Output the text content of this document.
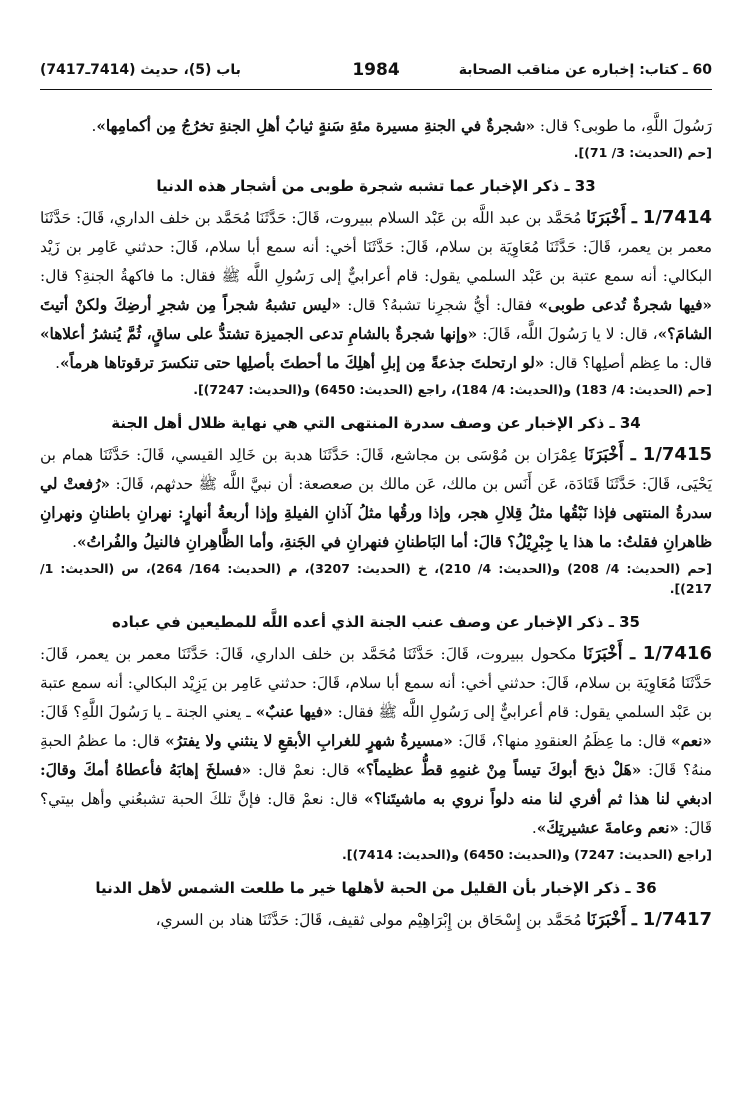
60 ـ كتاب: إخباره عن مناقب الصحابة
1984
باب (5)، حديث (7414ـ7417)

رَسُولَ اللَّهِ، ما طوبى؟ قال: «شجرةٌ في الجنةِ مسيرة مئةِ سَنةٍ ثيابُ أهلِ الجنةِ تخرُجُ مِن أكمامِها».

[حم (الحديث: 3/ 71)].
33 ـ ذكر الإخبار عما تشبه شجرة طوبى من أشجار هذه الدنيا

1/7414 ـ أَخْبَرَنَا مُحَمَّد بن عبد اللَّه بن عَبْد السلام ببيروت، قَالَ: حَدَّثَنَا مُحَمَّد بن خلف الداري، قَالَ: حَدَّثَنَا معمر بن يعمر، قَالَ: حَدَّثَنَا مُعَاوِيَة بن سلام، قَالَ: حَدَّثَنَا أخي: أنه سمع أبا سلام، قَالَ: حدثني عَامِر بن زَيْد البكالي: أنه سمع عتبة بن عَبْد السلمي يقول: قام أعرابيٌّ إلى رَسُولِ اللَّه ﷺ فقال: ما فاكهةُ الجنةِ؟ قال: «فيها شجرةٌ تُدعى طوبى» فقال: أيُّ شجرِنا تشبهُ؟ قال: «ليس تشبهُ شجراً مِن شجرِ أرضِكَ ولكنْ أتيتَ الشامَ؟»، قال: لا يا رَسُولَ اللَّه، قَالَ: «وإنها شجرةٌ بالشامِ تدعى الجميزة تشتدُّ على ساقٍ، ثُمَّ يُنشرُ أعلاها» قال: ما عِظم أصلِها؟ قال: «لو ارتحلتَ جذعةً مِن إبلِ أهلِكَ ما أحطتَ بأصلِها حتى تنكسرَ ترقوتاها هرماً».

[حم (الحديث: 4/ 183) و(الحديث: 4/ 184)، راجع (الحديث: 6450) و(الحديث: 7247)].
34 ـ ذكر الإخبار عن وصف سدرة المنتهى التي هي نهاية ظلال أهل الجنة

1/7415 ـ أَخْبَرَنَا عِمْرَان بن مُوْسَى بن مجاشع، قَالَ: حَدَّثَنَا هدبة بن خَالِد القيسي، قَالَ: حَدَّثَنَا همام بن يَحْيَى، قَالَ: حَدَّثَنَا قَتَادَة، عَن أَنَس بن مالك، عَن مالك بن صعصعة: أن نبيَّ اللَّه ﷺ حدثهم، قَالَ: «رُفعتْ لي سدرةُ المنتهى فإذا نَبْقُها مثلُ قِلالِ هجر، وإذا ورقُها مثلُ آذانِ الفيلةِ وإذا أربعةُ أنهارٍ: نهرانِ باطنانِ ونهرانِ ظاهرانِ فقلتُ: ما هذا يا جِبْرِيْلُ؟ قالَ: أما البَاطنانِ فنهرانِ في الجَنةِ، وأما الظَّاهِرانِ فالنيلُ والفُراتُ».

[حم (الحديث: 4/ 208) و(الحديث: 4/ 210)، خ (الحديث: 3207)، م (الحديث: 164/ 264)، س (الحديث: 1/ 217)].
35 ـ ذكر الإخبار عن وصف عنب الجنة الذي أعده اللَّه للمطيعين في عباده

1/7416 ـ أَخْبَرَنَا مكحول ببيروت، قَالَ: حَدَّثَنَا مُحَمَّد بن خلف الداري، قَالَ: حَدَّثَنَا معمر بن يعمر، قَالَ: حَدَّثَنَا مُعَاوِيَة بن سلام، قَالَ: حدثني أخي: أنه سمع أبا سلام، قَالَ: حدثني عَامِر بن يَزِيْد البكالي: أنه سمع عتبة بن عَبْد السلمي يقول: قام أعرابيٌّ إلى رَسُولِ اللَّه ﷺ فقال: «فيها عنبٌ» ـ يعني الجنة ـ يا رَسُولَ اللَّهِ؟ قَالَ: «نعم» قال: ما عِظَمُ العنقودِ منها؟، قَالَ: «مسيرةُ شهرٍ للغرابِ الأبقعِ لا ينثني ولا يفترُ» قال: ما عظمُ الحبةِ منهُ؟ قَالَ: «هَلْ ذبحَ أبوكَ تيساً مِنْ غنمِهِ قطُّ عظيماً؟» قال: نعمْ قال: «فسلخَ إهابَهُ فأعطاهُ أمكَ وقالَ: ادبغي لنا هذا ثم أفري لنا منه دلواً نروي به ماشيتَنا؟» قال: نعمْ قال: فإنَّ تلكَ الحبة تشبعُني وأهل بيتي؟ قَالَ: «نعم وعامةَ عشيرتِكَ».

[راجع (الحديث: 7247) و(الحديث: 6450) و(الحديث: 7414)].
36 ـ ذكر الإخبار بأن القليل من الحبة لأهلها خير ما طلعت الشمس لأهل الدنيا

1/7417 ـ أَخْبَرَنَا مُحَمَّد بن إِسْحَاق بن إِبْرَاهِيْم مولى ثقيف، قَالَ: حَدَّثَنَا هناد بن السري،
